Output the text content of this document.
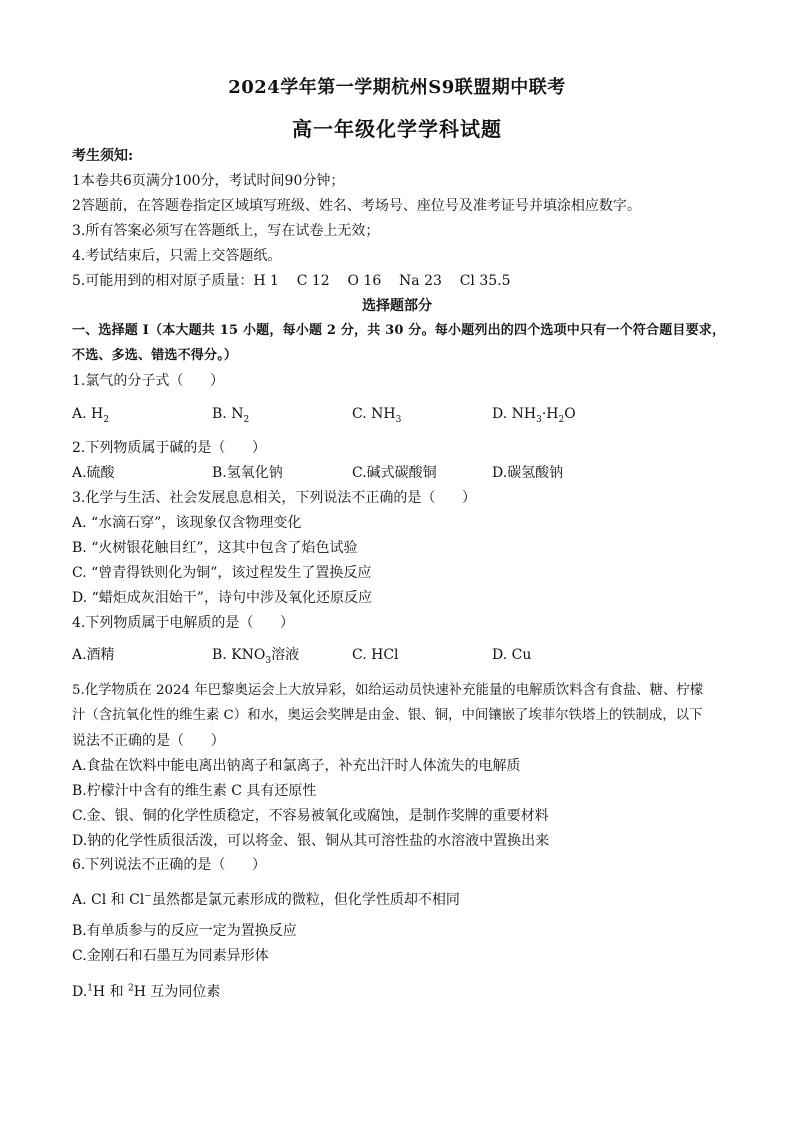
2024学年第一学期杭州S9联盟期中联考
高一年级化学学科试题
考生须知:
1本卷共6页满分100分，考试时间90分钟；
2答题前，在答题卷指定区域填写班级、姓名、考场号、座位号及准考证号并填涂相应数字。
3.所有答案必须写在答题纸上，写在试卷上无效；
4.考试结束后，只需上交答题纸。
5.可能用到的相对原子质量：H 1    C 12    O 16    Na 23    Cl 35.5
选择题部分
一、选择题 I（本大题共 15 小题，每小题 2 分，共 30 分。每小题列出的四个选项中只有一个符合题目要求，
不选、多选、错选不得分。）
1.氯气的分子式（      ）
A. $H_2$	B. $N_2$	C. $NH_3$	D. $NH_3\cdot H_2O$
2.下列物质属于碱的是（      ）
A.硫酸	B.氢氧化钠	C.碱式碳酸铜	D.碳氢酸钠
3.化学与生活、社会发展息息相关，下列说法不正确的是（      ）
A. “水滴石穿”，该现象仅含物理变化
B. “火树银花触目红”，这其中包含了焰色试验
C. “曾青得铁则化为铜”，该过程发生了置换反应
D. “蜡炬成灰泪始干”，诗句中涉及氧化还原反应
4.下列物质属于电解质的是（      ）
A.酒精	B. $KNO_3$溶液	C. HCl	D. Cu
5.化学物质在 2024 年巴黎奥运会上大放异彩，如给运动员快速补充能量的电解质饮料含有食盐、糖、柠檬
汁（含抗氧化性的维生素 C）和水，奥运会奖牌是由金、银、铜，中间镶嵌了埃菲尔铁塔上的铁制成，以下
说法不正确的是（      ）
A.食盐在饮料中能电离出钠离子和氯离子，补充出汗时人体流失的电解质
B.柠檬汁中含有的维生素 C 具有还原性
C.金、银、铜的化学性质稳定，不容易被氧化或腐蚀，是制作奖牌的重要材料
D.钠的化学性质很活泼，可以将金、银、铜从其可溶性盐的水溶液中置换出来
6.下列说法不正确的是（      ）
A. Cl 和 Cl−虽然都是氯元素形成的微粒，但化学性质却不相同
B.有单质参与的反应一定为置换反应
C.金刚石和石墨互为同素异形体
D.$^1$H 和 $^2$H 互为同位素
